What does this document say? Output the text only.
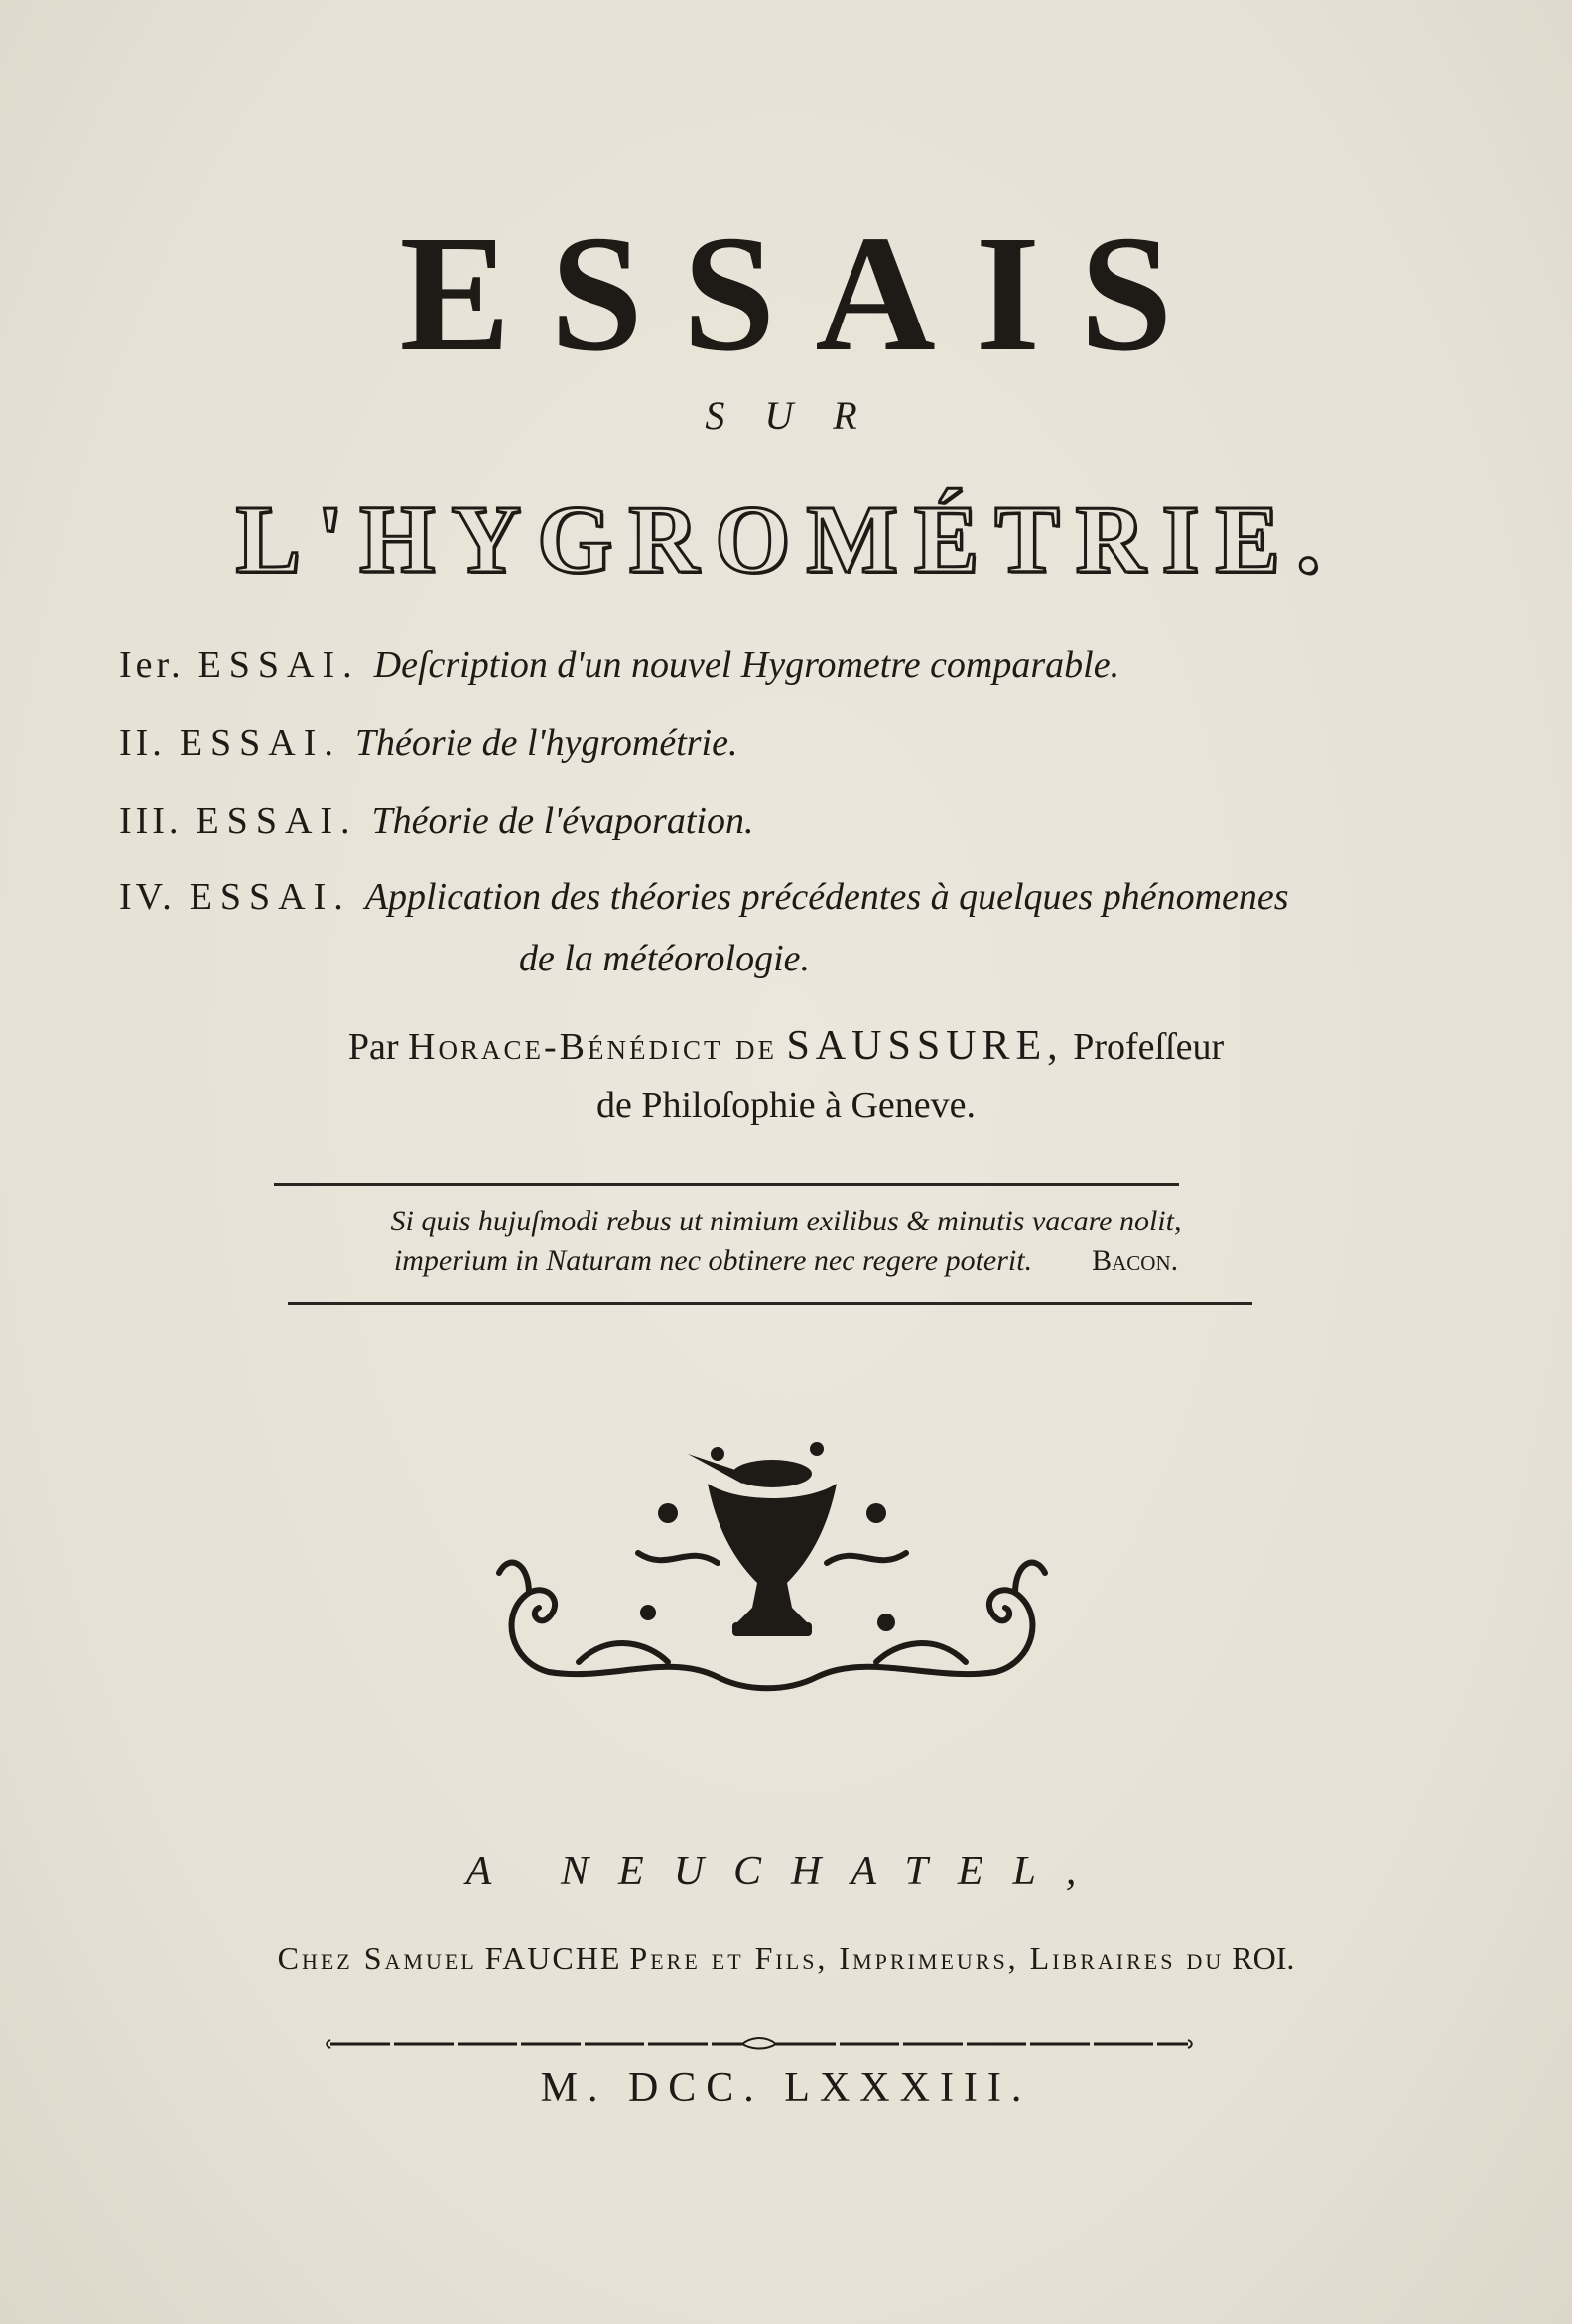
ESSAIS
SUR
L'HYGROMÉTRIE.
Ier. ESSAI. Deſcription d'un nouvel Hygrometre comparable.
II. ESSAI. Théorie de l'hygrométrie.
III. ESSAI. Théorie de l'évaporation.
IV. ESSAI. Application des théories précédentes à quelques phénomenes
de la météorologie.
Par Horace-Bénédict de SAUSSURE, Profeſſeur
de Philoſophie à Geneve.
Si quis hujuſmodi rebus ut nimium exilibus & minutis vacare nolit,
imperium in Naturam nec obtinere nec regere poterit. Bacon.
A NEUCHATEL,
Chez Samuel FAUCHE Pere et Fils, Imprimeurs, Libraires du ROI.
M. DCC. LXXXIII.
